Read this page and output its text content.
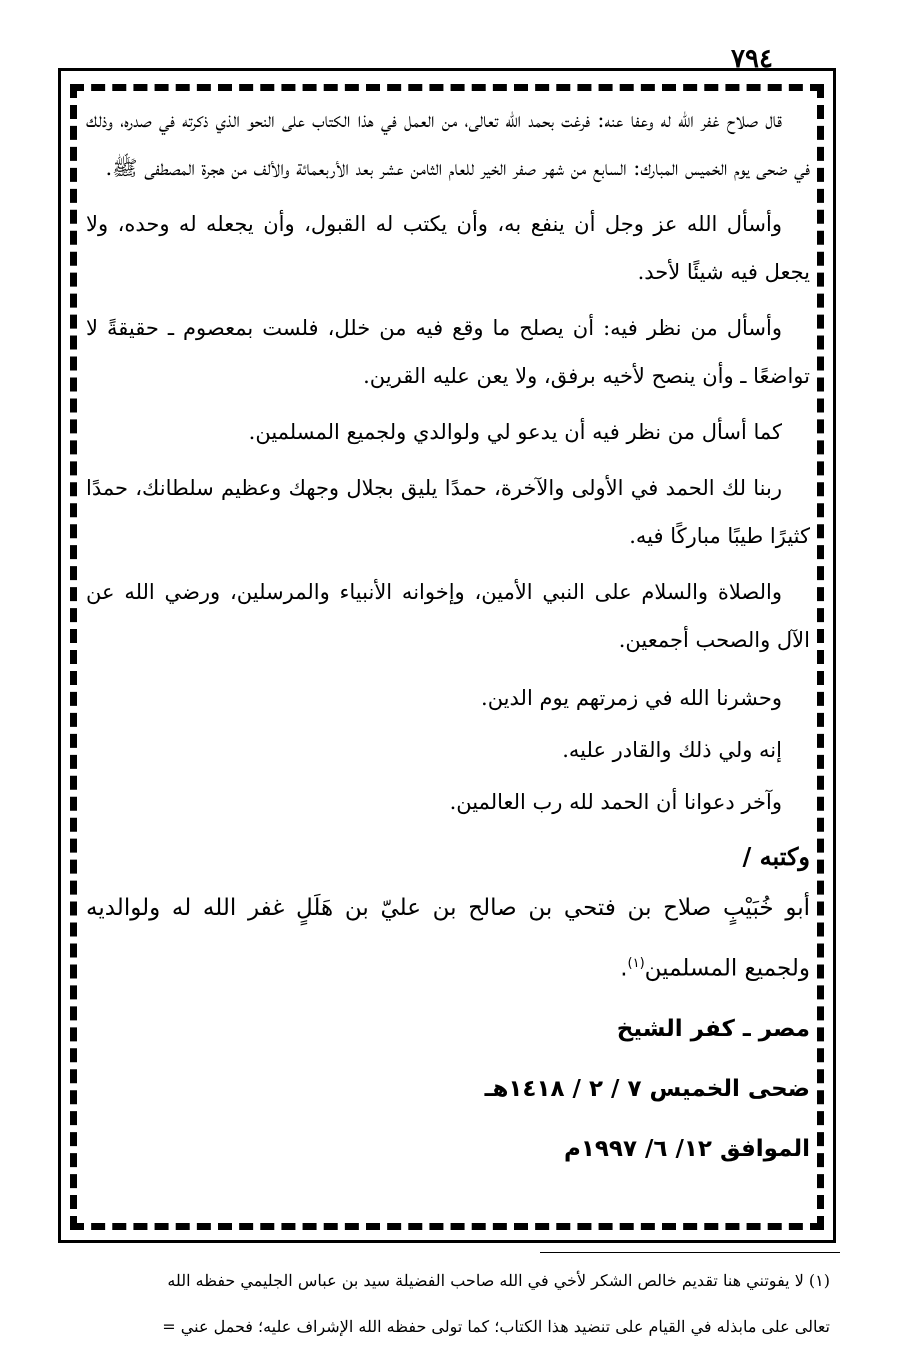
٧٩٤

قال صلاح غفر الله له وعفا عنه: فرغت بحمد الله تعالى، من العمل في هذا الكتاب على النحو الذي ذكرته في صدره، وذلك في ضحى يوم الخميس المبارك: السابع من شهر صفر الخير للعام الثامن عشر بعد الأربعمائة والألف من هجرة المصطفى ﷺ.

وأسأل الله عز وجل أن ينفع به، وأن يكتب له القبول، وأن يجعله له وحده، ولا يجعل فيه شيئًا لأحد.

وأسأل من نظر فيه: أن يصلح ما وقع فيه من خلل، فلست بمعصوم ـ حقيقةً لا تواضعًا ـ وأن ينصح لأخيه برفق، ولا يعن عليه القرين.

كما أسأل من نظر فيه أن يدعو لي ولوالدي ولجميع المسلمين.

ربنا لك الحمد في الأولى والآخرة، حمدًا يليق بجلال وجهك وعظيم سلطانك، حمدًا كثيرًا طيبًا مباركًا فيه.

والصلاة والسلام على النبي الأمين، وإخوانه الأنبياء والمرسلين، ورضي الله عن الآل والصحب أجمعين.

وحشرنا الله في زمرتهم يوم الدين.

إنه ولي ذلك والقادر عليه.

وآخر دعوانا أن الحمد لله رب العالمين.

وكتبه /

أبو خُبَيْبٍ صلاح بن فتحي بن صالح بن عليّ بن هَلَلٍ غفر الله له ولوالديه ولجميع المسلمين$^{(١)}$.

مصر ـ كفر الشيخ

ضحى الخميس ٧ / ٢ / ١٤١٨هـ

الموافق ١٢/ ٦/ ١٩٩٧م

(١) لا يفوتني هنا تقديم خالص الشكر لأخي في الله صاحب الفضيلة سيد بن عباس الجليمي حفظه الله

تعالى على مابذله في القيام على تنضيد هذا الكتاب؛ كما تولى حفظه الله الإشراف عليه؛ فحمل عني =
